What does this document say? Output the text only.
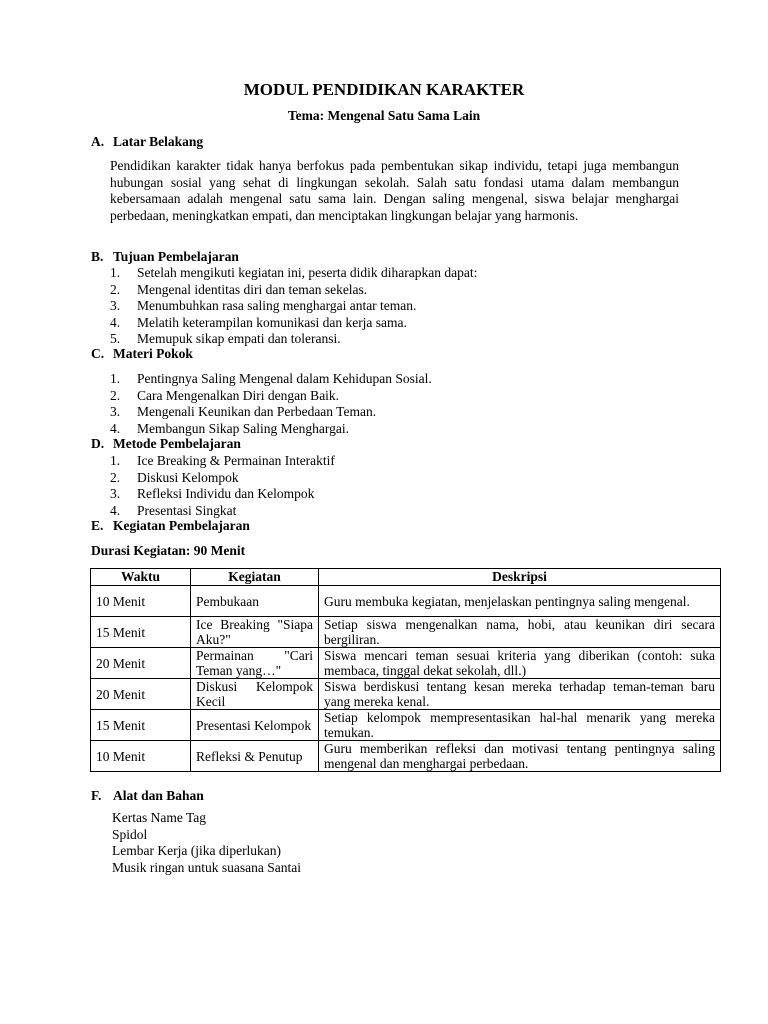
MODUL PENDIDIKAN KARAKTER
Tema: Mengenal Satu Sama Lain
A. Latar Belakang
Pendidikan karakter tidak hanya berfokus pada pembentukan sikap individu, tetapi juga membangun hubungan sosial yang sehat di lingkungan sekolah. Salah satu fondasi utama dalam membangun kebersamaan adalah mengenal satu sama lain. Dengan saling mengenal, siswa belajar menghargai perbedaan, meningkatkan empati, dan menciptakan lingkungan belajar yang harmonis.
B. Tujuan Pembelajaran
1. Setelah mengikuti kegiatan ini, peserta didik diharapkan dapat:
2. Mengenal identitas diri dan teman sekelas.
3. Menumbuhkan rasa saling menghargai antar teman.
4. Melatih keterampilan komunikasi dan kerja sama.
5. Memupuk sikap empati dan toleransi.
C. Materi Pokok
1. Pentingnya Saling Mengenal dalam Kehidupan Sosial.
2. Cara Mengenalkan Diri dengan Baik.
3. Mengenali Keunikan dan Perbedaan Teman.
4. Membangun Sikap Saling Menghargai.
D. Metode Pembelajaran
1. Ice Breaking & Permainan Interaktif
2. Diskusi Kelompok
3. Refleksi Individu dan Kelompok
4. Presentasi Singkat
E. Kegiatan Pembelajaran
Durasi Kegiatan: 90 Menit
Waktu	Kegiatan	Deskripsi
10 Menit	Pembukaan	Guru membuka kegiatan, menjelaskan pentingnya saling mengenal.
15 Menit	Ice Breaking "Siapa Aku?"	Setiap siswa mengenalkan nama, hobi, atau keunikan diri secara bergiliran.
20 Menit	Permainan "Cari Teman yang…"	Siswa mencari teman sesuai kriteria yang diberikan (contoh: suka membaca, tinggal dekat sekolah, dll.)
20 Menit	Diskusi Kelompok Kecil	Siswa berdiskusi tentang kesan mereka terhadap teman-teman baru yang mereka kenal.
15 Menit	Presentasi Kelompok	Setiap kelompok mempresentasikan hal-hal menarik yang mereka temukan.
10 Menit	Refleksi & Penutup	Guru memberikan refleksi dan motivasi tentang pentingnya saling mengenal dan menghargai perbedaan.
F. Alat dan Bahan
Kertas Name Tag
Spidol
Lembar Kerja (jika diperlukan)
Musik ringan untuk suasana Santai
